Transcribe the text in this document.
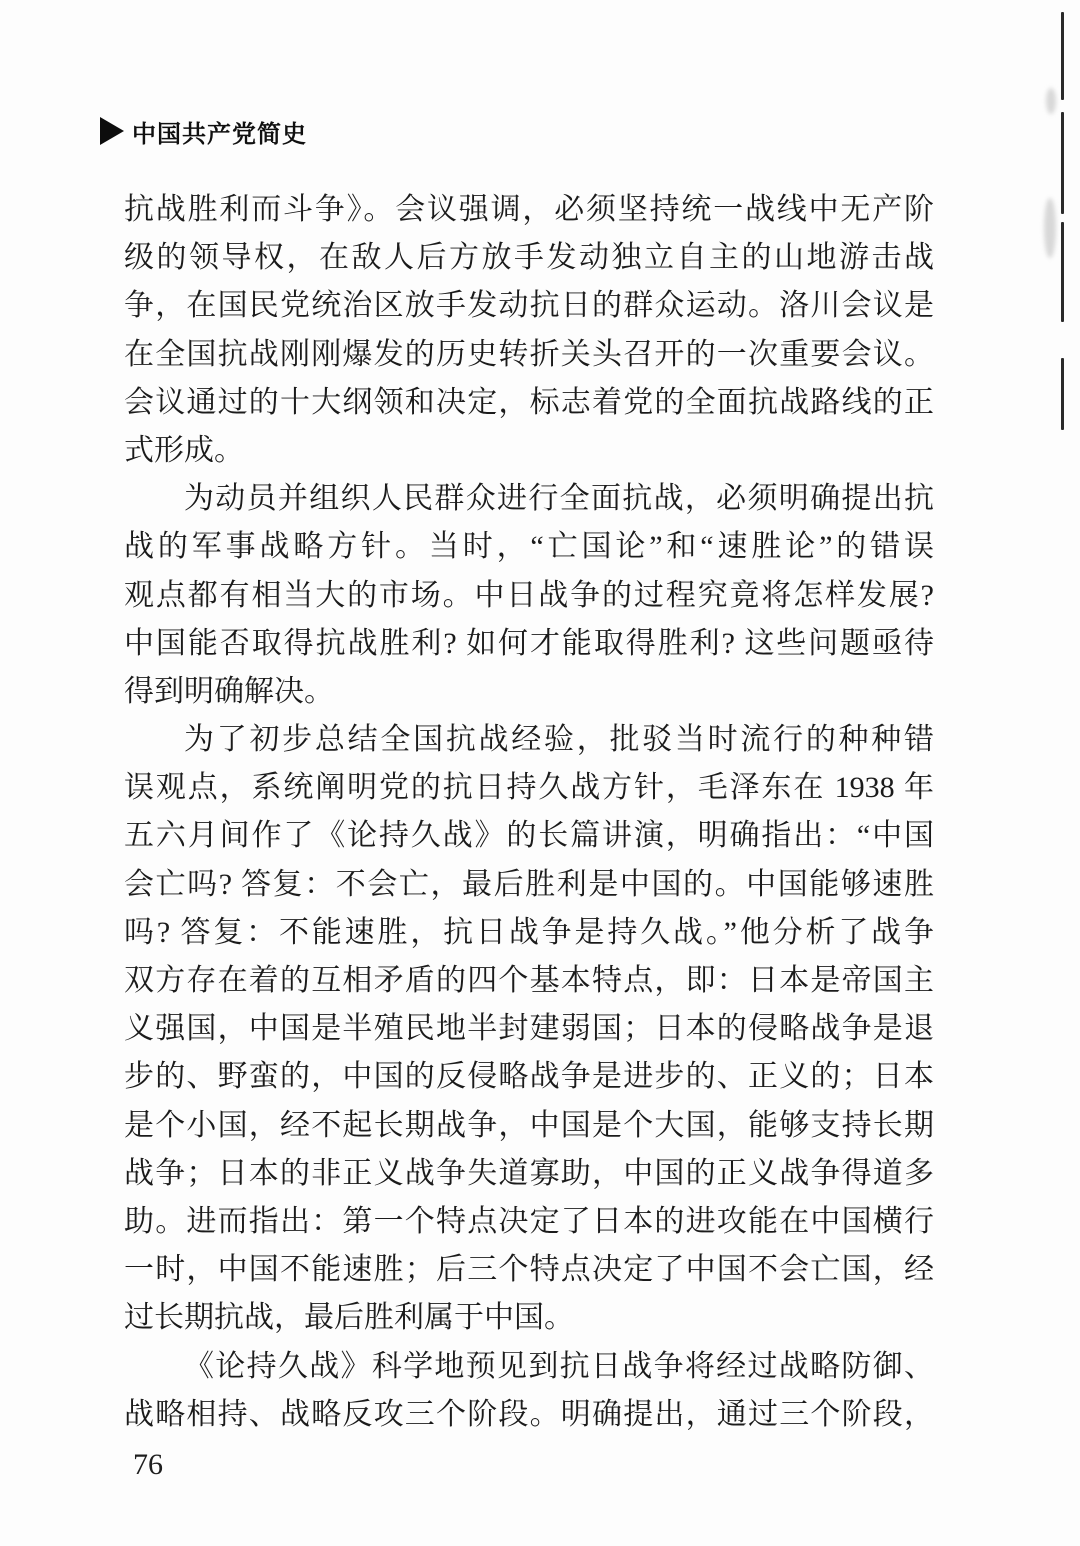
中国共产党简史
抗战胜利而斗争》。会议强调，必须坚持统一战线中无产阶
级的领导权，在敌人后方放手发动独立自主的山地游击战
争，在国民党统治区放手发动抗日的群众运动。洛川会议是
在全国抗战刚刚爆发的历史转折关头召开的一次重要会议。
会议通过的十大纲领和决定，标志着党的全面抗战路线的正
式形成。
为动员并组织人民群众进行全面抗战，必须明确提出抗
战的军事战略方针。当时，“亡国论”和“速胜论”的错误
观点都有相当大的市场。中日战争的过程究竟将怎样发展?
中国能否取得抗战胜利? 如何才能取得胜利? 这些问题亟待
得到明确解决。
为了初步总结全国抗战经验，批驳当时流行的种种错
误观点，系统阐明党的抗日持久战方针，毛泽东在 1938 年
五六月间作了《论持久战》的长篇讲演，明确指出：“中国
会亡吗? 答复：不会亡，最后胜利是中国的。中国能够速胜
吗? 答复：不能速胜，抗日战争是持久战。”他分析了战争
双方存在着的互相矛盾的四个基本特点，即：日本是帝国主
义强国，中国是半殖民地半封建弱国；日本的侵略战争是退
步的、野蛮的，中国的反侵略战争是进步的、正义的；日本
是个小国，经不起长期战争，中国是个大国，能够支持长期
战争；日本的非正义战争失道寡助，中国的正义战争得道多
助。进而指出：第一个特点决定了日本的进攻能在中国横行
一时，中国不能速胜；后三个特点决定了中国不会亡国，经
过长期抗战，最后胜利属于中国。
《论持久战》科学地预见到抗日战争将经过战略防御、
战略相持、战略反攻三个阶段。明确提出，通过三个阶段，
76
